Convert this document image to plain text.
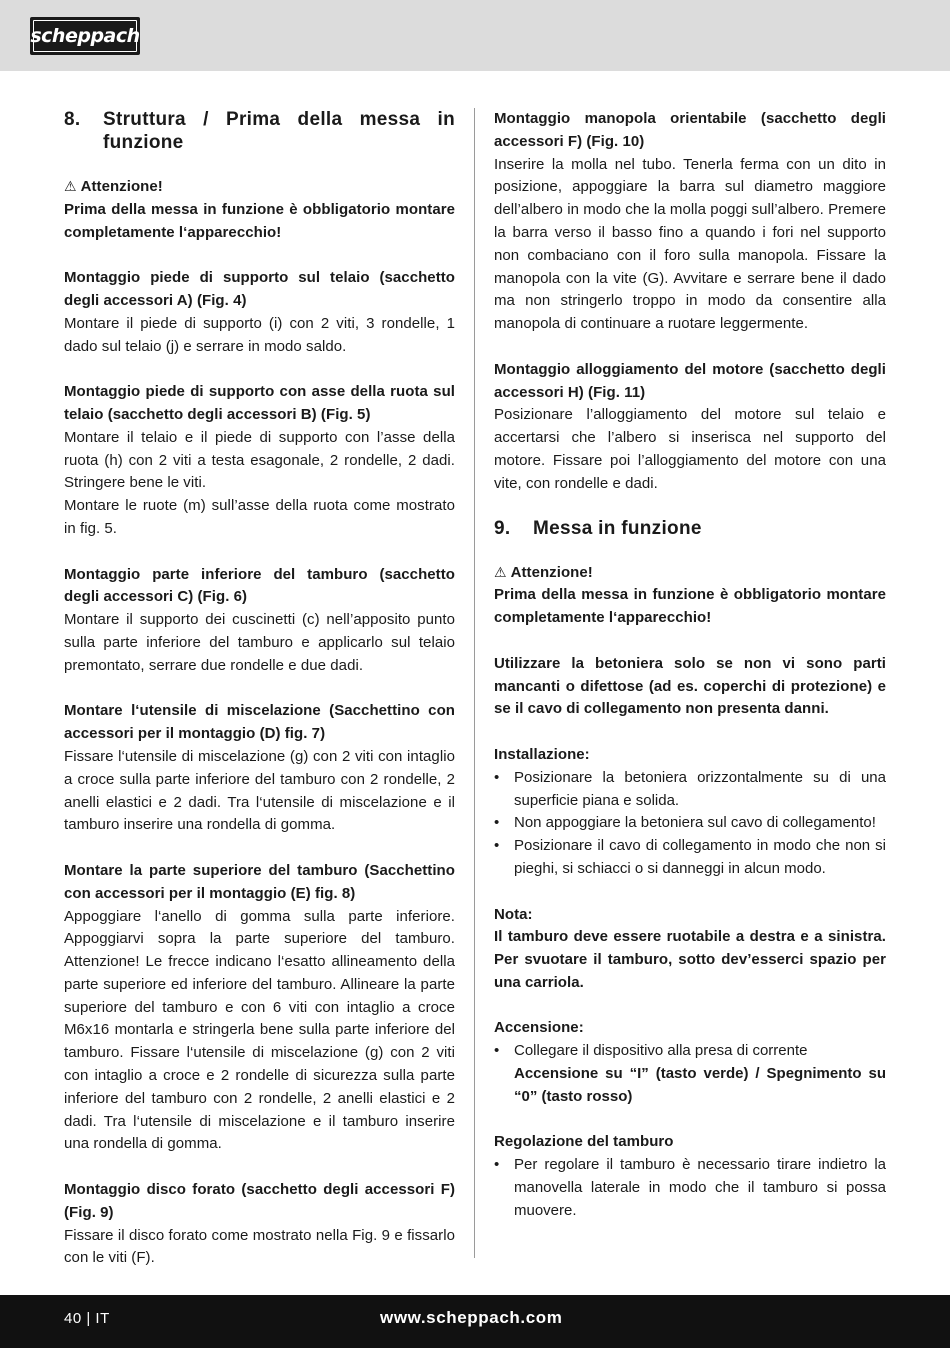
scheppach
8.	Struttura / Prima della messa in funzione

⚠ Attenzione!

Prima della messa in funzione è obbligatorio montare completamente l‘apparecchio!

Montaggio piede di supporto sul telaio (sacchetto degli accessori A) (Fig. 4)

Montare il piede di supporto (i) con 2 viti, 3 rondelle, 1 dado sul telaio (j) e serrare in modo saldo.

Montaggio piede di supporto con asse della ruota sul telaio (sacchetto degli accessori B) (Fig. 5)

Montare il telaio e il piede di supporto con l’asse della ruota (h) con 2 viti a testa esagonale, 2 rondelle, 2 dadi. Stringere bene le viti.

Montare le ruote (m) sull’asse della ruota come mostrato in fig. 5.

Montaggio parte inferiore del tamburo (sacchetto degli accessori C) (Fig. 6)

Montare il supporto dei cuscinetti (c) nell’apposito punto sulla parte inferiore del tamburo e applicarlo sul telaio premontato, serrare due rondelle e due dadi.

Montare l‘utensile di miscelazione (Sacchettino con accessori per il montaggio (D) fig. 7)

Fissare l‘utensile di miscelazione (g) con 2 viti con intaglio a croce sulla parte inferiore del tamburo con 2 rondelle, 2 anelli elastici e 2 dadi. Tra l‘utensile di miscelazione e il tamburo inserire una rondella di gomma.

Montare la parte superiore del tamburo (Sacchettino con accessori per il montaggio (E) fig. 8)

Appoggiare l‘anello di gomma sulla parte inferiore. Appoggiarvi sopra la parte superiore del tamburo. Attenzione! Le frecce indicano l‘esatto allineamento della parte superiore ed inferiore del tamburo. Allineare la parte superiore del tamburo e con 6 viti con intaglio a croce M6x16 montarla e stringerla bene sulla parte inferiore del tamburo. Fissare l‘utensile di miscelazione (g) con 2 viti con intaglio a croce e 2 rondelle di sicurezza sulla parte inferiore del tamburo con 2 rondelle, 2 anelli elastici e 2 dadi. Tra l‘utensile di miscelazione e il tamburo inserire una rondella di gomma.

Montaggio disco forato (sacchetto degli accessori F) (Fig. 9)

Fissare il disco forato come mostrato nella Fig. 9 e fissarlo con le viti (F).

Montaggio manopola orientabile (sacchetto degli accessori F) (Fig. 10)

Inserire la molla nel tubo. Tenerla ferma con un dito in posizione, appoggiare la barra sul diametro maggiore dell’albero in modo che la molla poggi sull’albero. Premere la barra verso il basso fino a quando i fori nel supporto non combaciano con il foro sulla manopola. Fissare la manopola con la vite (G). Avvitare e serrare bene il dado ma non stringerlo troppo in modo da consentire alla manopola di continuare a ruotare leggermente.

Montaggio alloggiamento del motore (sacchetto degli accessori H) (Fig. 11)

Posizionare l’alloggiamento del motore sul telaio e accertarsi che l’albero si inserisca nel supporto del motore. Fissare poi l’alloggiamento del motore con una vite, con rondelle e dadi.

9.	Messa in funzione

⚠ Attenzione!

Prima della messa in funzione è obbligatorio montare completamente l‘apparecchio!

Utilizzare la betoniera solo se non vi sono parti mancanti o difettose (ad es. coperchi di protezione) e se il cavo di collegamento non presenta danni.

Installazione:

• Posizionare la betoniera orizzontalmente su di una superficie piana e solida.
• Non appoggiare la betoniera sul cavo di collegamento!
• Posizionare il cavo di collegamento in modo che non si pieghi, si schiacci o si danneggi in alcun modo.

Nota:

Il tamburo deve essere ruotabile a destra e a sinistra. Per svuotare il tamburo, sotto dev’esserci spazio per una carriola.

Accensione:

• Collegare il dispositivo alla presa di corrente
Accensione su “I” (tasto verde) / Spegnimento su “0” (tasto rosso)

Regolazione del tamburo

• Per regolare il tamburo è necessario tirare indietro la manovella laterale in modo che il tamburo si possa muovere.
40 | IT	www.scheppach.com
